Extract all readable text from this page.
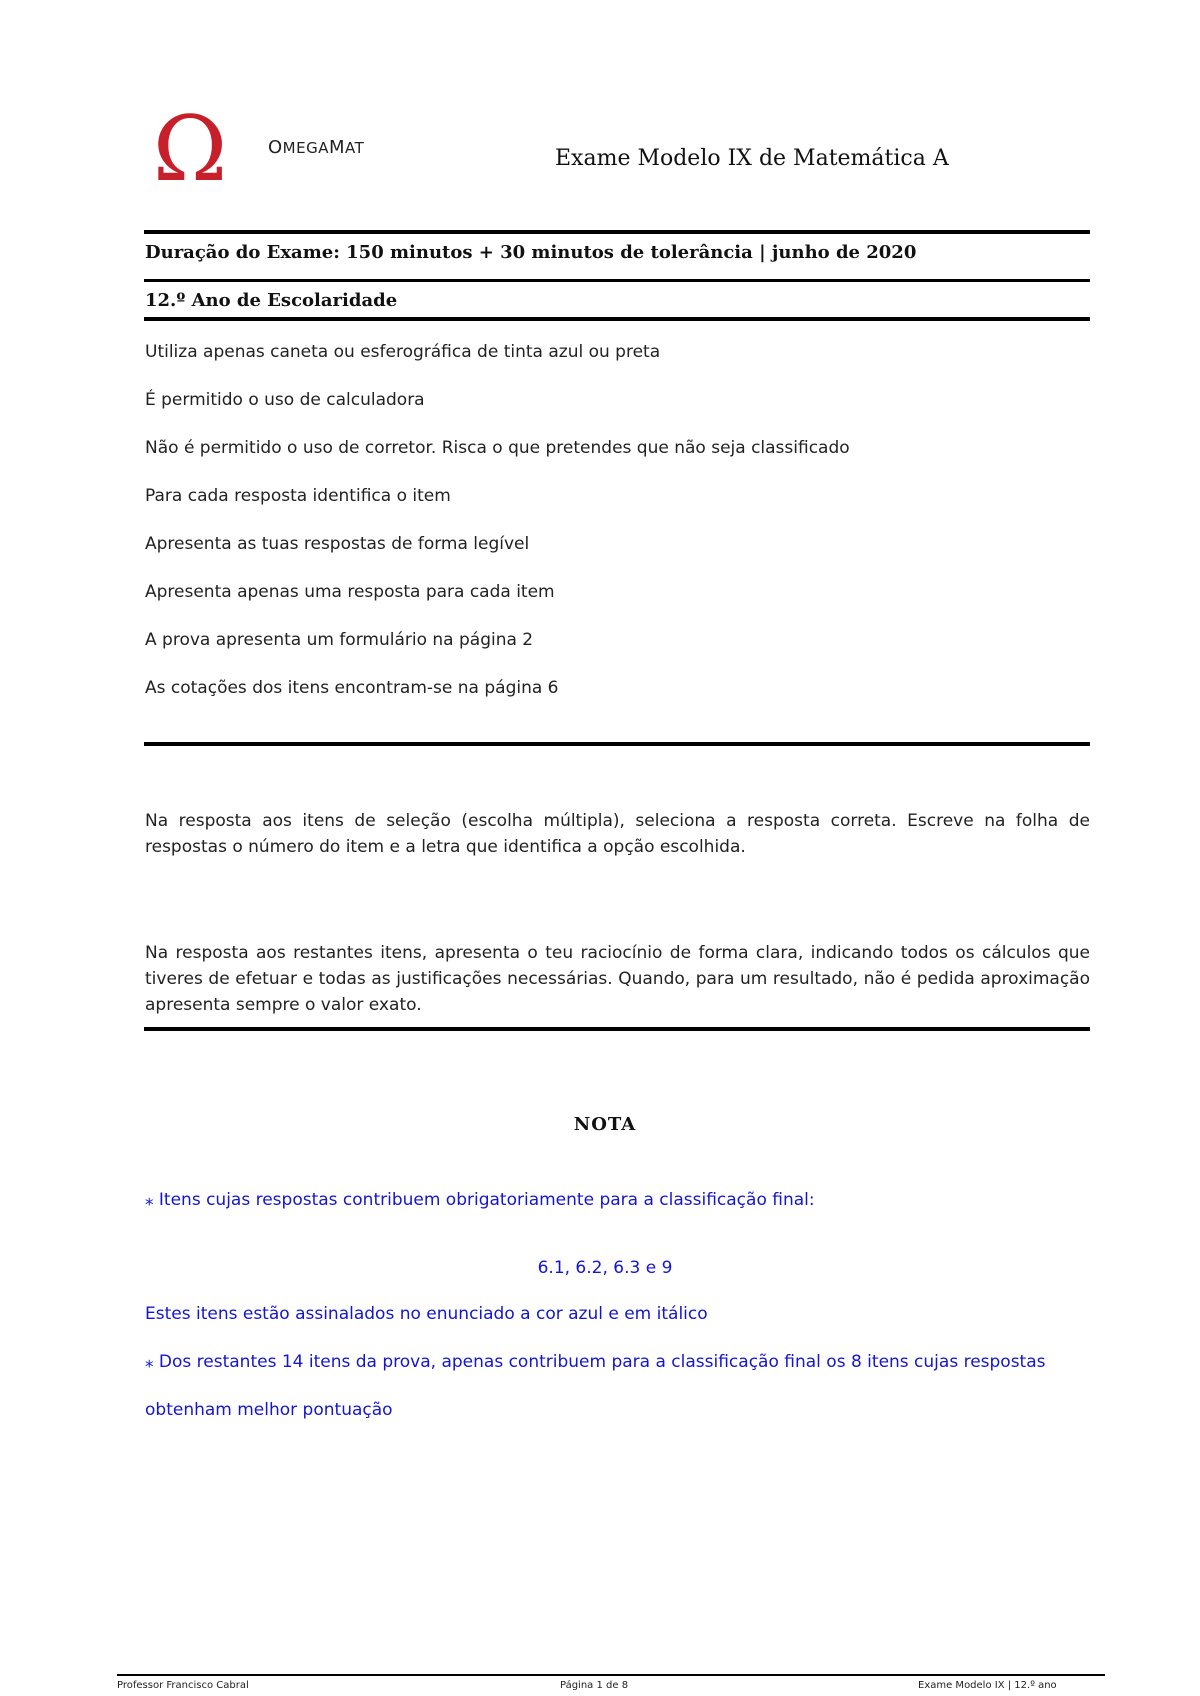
Ω OMEGAMAT	Exame Modelo IX de Matemática A
Duração do Exame: 150 minutos + 30 minutos de tolerância | junho de 2020
12.º Ano de Escolaridade
Utiliza apenas caneta ou esferográfica de tinta azul ou preta
É permitido o uso de calculadora
Não é permitido o uso de corretor. Risca o que pretendes que não seja classificado
Para cada resposta identifica o item
Apresenta as tuas respostas de forma legível
Apresenta apenas uma resposta para cada item
A prova apresenta um formulário na página 2
As cotações dos itens encontram-se na página 6
Na resposta aos itens de seleção (escolha múltipla), seleciona a resposta correta. Escreve na folha de respostas o número do item e a letra que identifica a opção escolhida.
Na resposta aos restantes itens, apresenta o teu raciocínio de forma clara, indicando todos os cálculos que tiveres de efetuar e todas as justificações necessárias. Quando, para um resultado, não é pedida aproximação apresenta sempre o valor exato.
NOTA
⁎ Itens cujas respostas contribuem obrigatoriamente para a classificação final:
6.1, 6.2, 6.3 e 9
Estes itens estão assinalados no enunciado a cor azul e em itálico
⁎ Dos restantes 14 itens da prova, apenas contribuem para a classificação final os 8 itens cujas respostas
obtenham melhor pontuação
Professor Francisco Cabral	Página 1 de 8	Exame Modelo IX | 12.º ano
